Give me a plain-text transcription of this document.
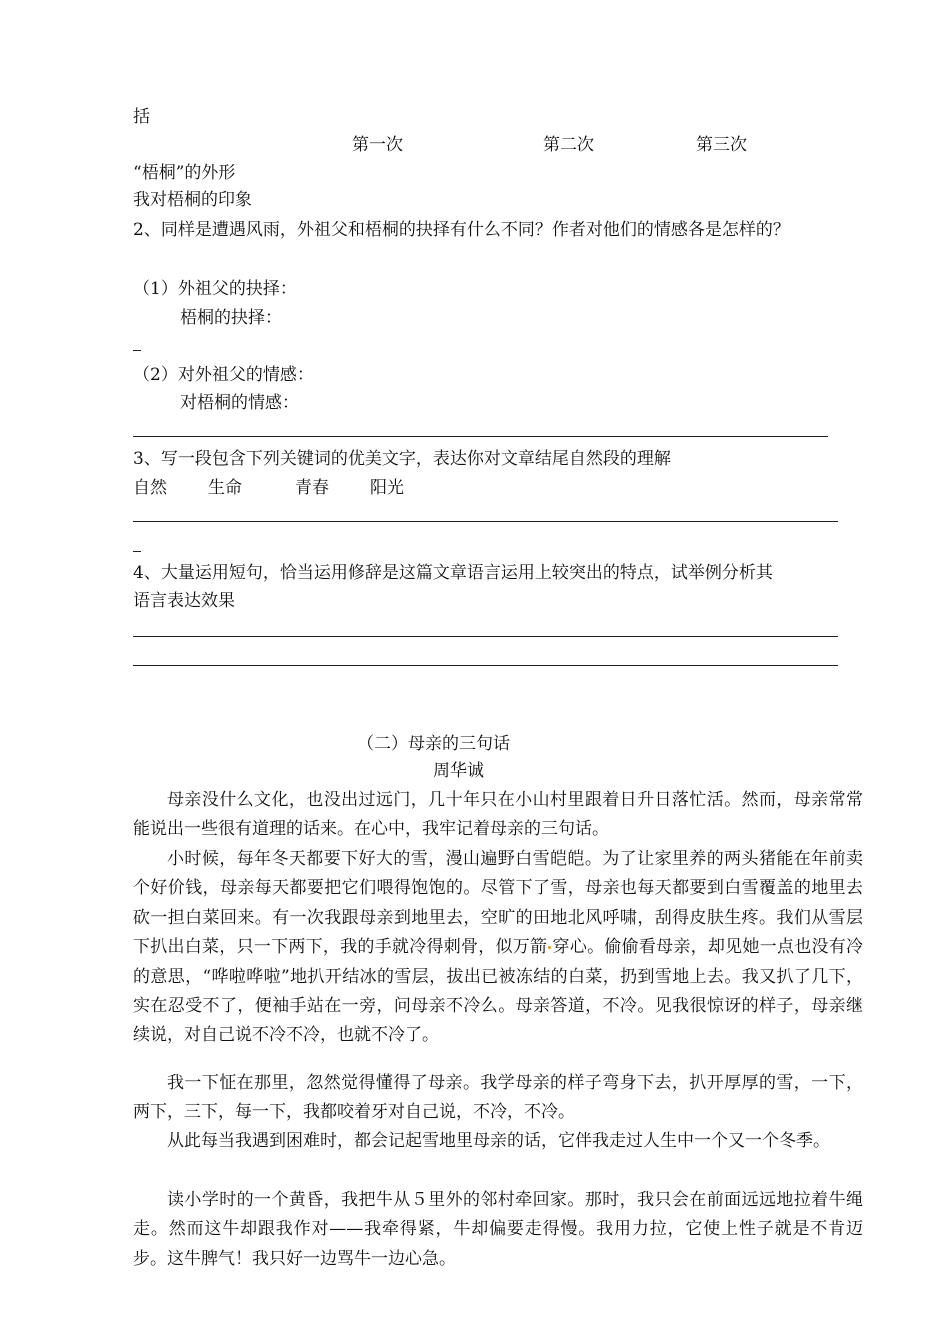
括
第一次	第二次	第三次
“梧桐”的外形
我对梧桐的印象
2、同样是遭遇风雨，外祖父和梧桐的抉择有什么不同？作者对他们的情感各是怎样的？
（1）外祖父的抉择：
梧桐的抉择：
（2）对外祖父的情感：
对梧桐的情感：
3、写一段包含下列关键词的优美文字，表达你对文章结尾自然段的理解
自然 生命	青春 阳光
4、大量运用短句，恰当运用修辞是这篇文章语言运用上较突出的特点，试举例分析其
语言表达效果
（二）母亲的三句话
周华诚
母亲没什么文化，也没出过远门，几十年只在小山村里跟着日升日落忙活。然而，母亲常常能说出一些很有道理的话来。在心中，我牢记着母亲的三句话。
小时候，每年冬天都要下好大的雪，漫山遍野白雪皑皑。为了让家里养的两头猪能在年前卖个好价钱，母亲每天都要把它们喂得饱饱的。尽管下了雪，母亲也每天都要到白雪覆盖的地里去砍一担白菜回来。有一次我跟母亲到地里去，空旷的田地北风呼啸，刮得皮肤生疼。我们从雪层下扒出白菜，只一下两下，我的手就冷得刺骨，似万箭 穿心。偷偷看母亲，却见她一点也没有冷的意思，“哗啦哗啦”地扒开结冰的雪层，拔出已被冻结的白菜，扔到雪地上去。我又扒了几下，实在忍受不了，便袖手站在一旁，问母亲不冷么。母亲答道，不冷。见我很惊讶的样子，母亲继续说，对自己说不冷不冷，也就不冷了。
我一下怔在那里，忽然觉得懂得了母亲。我学母亲的样子弯身下去，扒开厚厚的雪，一下，两下，三下，每一下，我都咬着牙对自己说，不冷，不冷。
从此每当我遇到困难时，都会记起雪地里母亲的话，它伴我走过人生中一个又一个冬季。
读小学时的一个黄昏，我把牛从５里外的邻村牵回家。那时，我只会在前面远远地拉着牛绳走。然而这牛却跟我作对——我牵得紧，牛却偏要走得慢。我用力拉，它使上性子就是不肯迈步。这牛脾气！我只好一边骂牛一边心急。
